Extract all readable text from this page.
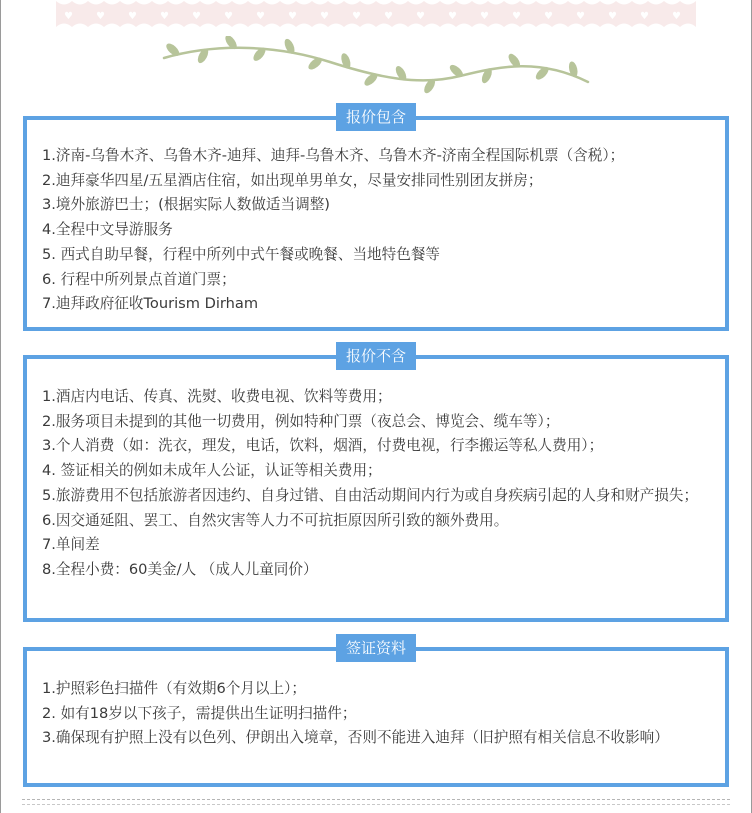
♥ ♥ ♥ ♥ ♥ ♥ ♥ ♥ ♥ ♥ ♥ ♥ ♥ ♥ ♥ ♥ ♥ ♥ ♥ ♥
报价包含

1.济南-乌鲁木齐、乌鲁木齐-迪拜、迪拜-乌鲁木齐、乌鲁木齐-济南全程国际机票（含税）；

2.迪拜豪华四星/五星酒店住宿，如出现单男单女，尽量安排同性别团友拼房；

3.境外旅游巴士；(根据实际人数做适当调整)

4.全程中文导游服务

5. 西式自助早餐，行程中所列中式午餐或晚餐、当地特色餐等

6. 行程中所列景点首道门票；

7.迪拜政府征收Tourism Dirham

报价不含

1.酒店内电话、传真、洗熨、收费电视、饮料等费用；

2.服务项目未提到的其他一切费用，例如特种门票（夜总会、博览会、缆车等）；

3.个人消费（如：洗衣，理发，电话，饮料，烟酒，付费电视，行李搬运等私人费用）；

4. 签证相关的例如未成年人公证，认证等相关费用；

5.旅游费用不包括旅游者因违约、自身过错、自由活动期间内行为或自身疾病引起的人身和财产损失；

6.因交通延阻、罢工、自然灾害等人力不可抗拒原因所引致的额外费用。

7.单间差

8.全程小费：60美金/人 （成人儿童同价）

签证资料

1.护照彩色扫描件（有效期6个月以上）；

2. 如有18岁以下孩子，需提供出生证明扫描件；

3.确保现有护照上没有以色列、伊朗出入境章，否则不能进入迪拜（旧护照有相关信息不收影响）
